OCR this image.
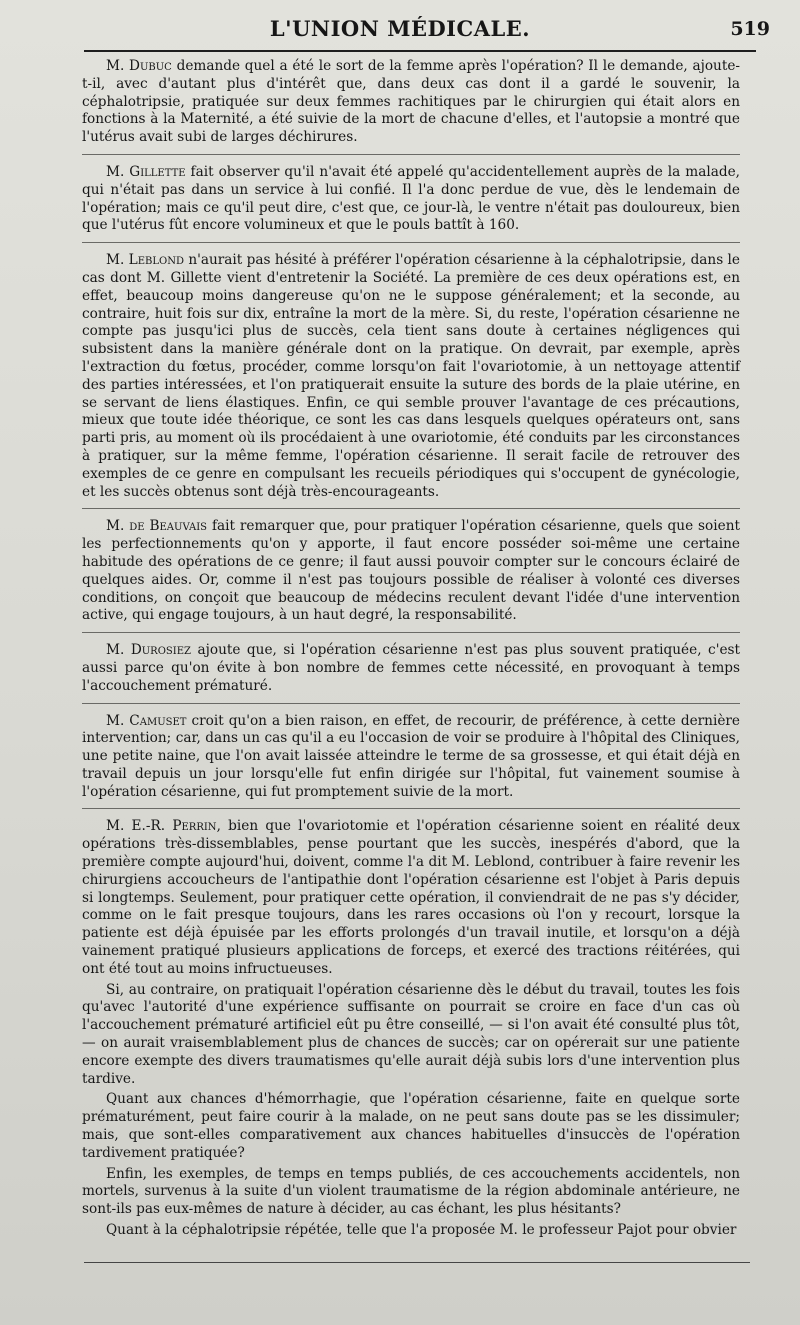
L'UNION MÉDICALE.	519

M. Dubuc demande quel a été le sort de la femme après l'opération? Il le demande, ajoute-t-il, avec d'autant plus d'intérêt que, dans deux cas dont il a gardé le souvenir, la céphalotripsie, pratiquée sur deux femmes rachitiques par le chirurgien qui était alors en fonctions à la Maternité, a été suivie de la mort de chacune d'elles, et l'autopsie a montré que l'utérus avait subi de larges déchirures.

M. Gillette fait observer qu'il n'avait été appelé qu'accidentellement auprès de la malade, qui n'était pas dans un service à lui confié. Il l'a donc perdue de vue, dès le lendemain de l'opération; mais ce qu'il peut dire, c'est que, ce jour-là, le ventre n'était pas douloureux, bien que l'utérus fût encore volumineux et que le pouls battît à 160.

M. Leblond n'aurait pas hésité à préférer l'opération césarienne à la céphalotripsie, dans le cas dont M. Gillette vient d'entretenir la Société. La première de ces deux opérations est, en effet, beaucoup moins dangereuse qu'on ne le suppose généralement; et la seconde, au contraire, huit fois sur dix, entraîne la mort de la mère. Si, du reste, l'opération césarienne ne compte pas jusqu'ici plus de succès, cela tient sans doute à certaines négligences qui subsistent dans la manière générale dont on la pratique. On devrait, par exemple, après l'extraction du fœtus, procéder, comme lorsqu'on fait l'ovariotomie, à un nettoyage attentif des parties intéressées, et l'on pratiquerait ensuite la suture des bords de la plaie utérine, en se servant de liens élastiques. Enfin, ce qui semble prouver l'avantage de ces précautions, mieux que toute idée théorique, ce sont les cas dans lesquels quelques opérateurs ont, sans parti pris, au moment où ils procédaient à une ovariotomie, été conduits par les circonstances à pratiquer, sur la même femme, l'opération césarienne. Il serait facile de retrouver des exemples de ce genre en compulsant les recueils périodiques qui s'occupent de gynécologie, et les succès obtenus sont déjà très-encourageants.

M. de Beauvais fait remarquer que, pour pratiquer l'opération césarienne, quels que soient les perfectionnements qu'on y apporte, il faut encore posséder soi-même une certaine habitude des opérations de ce genre; il faut aussi pouvoir compter sur le concours éclairé de quelques aides. Or, comme il n'est pas toujours possible de réaliser à volonté ces diverses conditions, on conçoit que beaucoup de médecins reculent devant l'idée d'une intervention active, qui engage toujours, à un haut degré, la responsabilité.

M. Durosiez ajoute que, si l'opération césarienne n'est pas plus souvent pratiquée, c'est aussi parce qu'on évite à bon nombre de femmes cette nécessité, en provoquant à temps l'accouchement prématuré.

M. Camuset croit qu'on a bien raison, en effet, de recourir, de préférence, à cette dernière intervention; car, dans un cas qu'il a eu l'occasion de voir se produire à l'hôpital des Cliniques, une petite naine, que l'on avait laissée atteindre le terme de sa grossesse, et qui était déjà en travail depuis un jour lorsqu'elle fut enfin dirigée sur l'hôpital, fut vainement soumise à l'opération césarienne, qui fut promptement suivie de la mort.

M. E.-R. Perrin, bien que l'ovariotomie et l'opération césarienne soient en réalité deux opérations très-dissemblables, pense pourtant que les succès, inespérés d'abord, que la première compte aujourd'hui, doivent, comme l'a dit M. Leblond, contribuer à faire revenir les chirurgiens accoucheurs de l'antipathie dont l'opération césarienne est l'objet à Paris depuis si longtemps. Seulement, pour pratiquer cette opération, il conviendrait de ne pas s'y décider, comme on le fait presque toujours, dans les rares occasions où l'on y recourt, lorsque la patiente est déjà épuisée par les efforts prolongés d'un travail inutile, et lorsqu'on a déjà vainement pratiqué plusieurs applications de forceps, et exercé des tractions réitérées, qui ont été tout au moins infructueuses.

Si, au contraire, on pratiquait l'opération césarienne dès le début du travail, toutes les fois qu'avec l'autorité d'une expérience suffisante on pourrait se croire en face d'un cas où l'accouchement prématuré artificiel eût pu être conseillé, — si l'on avait été consulté plus tôt, — on aurait vraisemblablement plus de chances de succès; car on opérerait sur une patiente encore exempte des divers traumatismes qu'elle aurait déjà subis lors d'une intervention plus tardive.

Quant aux chances d'hémorrhagie, que l'opération césarienne, faite en quelque sorte prématurément, peut faire courir à la malade, on ne peut sans doute pas se les dissimuler; mais, que sont-elles comparativement aux chances habituelles d'insuccès de l'opération tardivement pratiquée?

Enfin, les exemples, de temps en temps publiés, de ces accouchements accidentels, non mortels, survenus à la suite d'un violent traumatisme de la région abdominale antérieure, ne sont-ils pas eux-mêmes de nature à décider, au cas échant, les plus hésitants?

Quant à la céphalotripsie répétée, telle que l'a proposée M. le professeur Pajot pour obvier
